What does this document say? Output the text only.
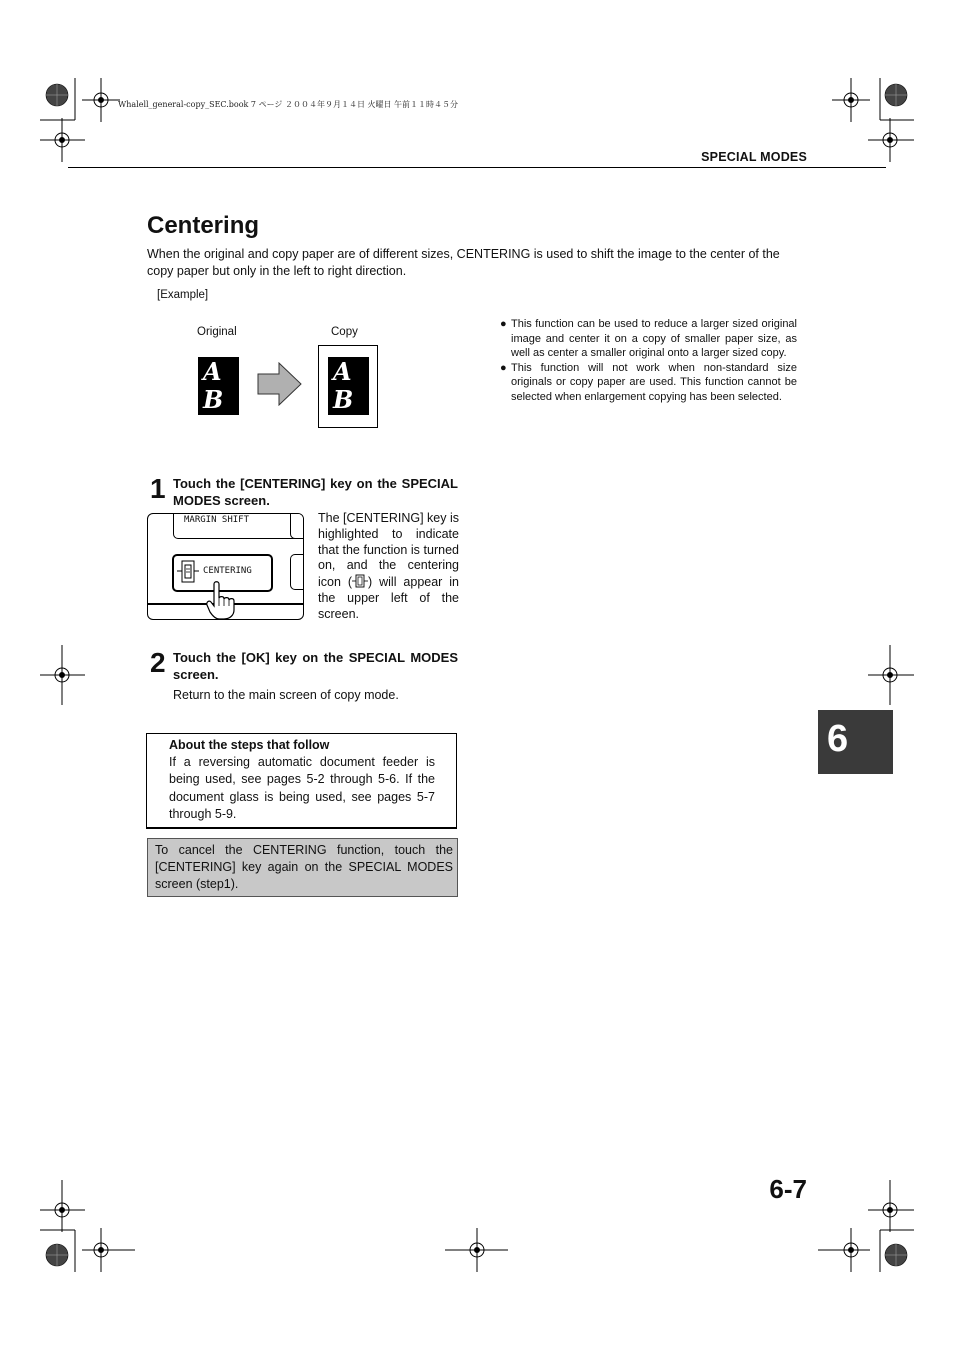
Whalell_general-copy_SEC.book 7 ページ ２００４年９月１４日 火曜日 午前１１時４５分
SPECIAL MODES
Centering
When the original and copy paper are of different sizes, CENTERING is used to shift the image to the center of the copy paper but only in the left to right direction.
[Example]
Original	Copy
A
B
A
B
● This function can be used to reduce a larger sized original image and center it on a copy of smaller paper size, as well as center a smaller original onto a larger sized copy.
● This function will not work when non-standard size originals or copy paper are used. This function cannot be selected when enlargement copying has been selected.
1 Touch the [CENTERING] key on the SPECIAL MODES screen.
MARGIN SHIFT
CENTERING
The [CENTERING] key is highlighted to indicate that the function is turned on, and the centering icon ( ) will appear in the upper left of the screen.
2 Touch the [OK] key on the SPECIAL MODES screen.
Return to the main screen of copy mode.
About the steps that follow
If a reversing automatic document feeder is being used, see pages 5-2 through 5-6. If the document glass is being used, see pages 5-7 through 5-9.
To cancel the CENTERING function, touch the [CENTERING] key again on the SPECIAL MODES screen (step1).
6
6-7
